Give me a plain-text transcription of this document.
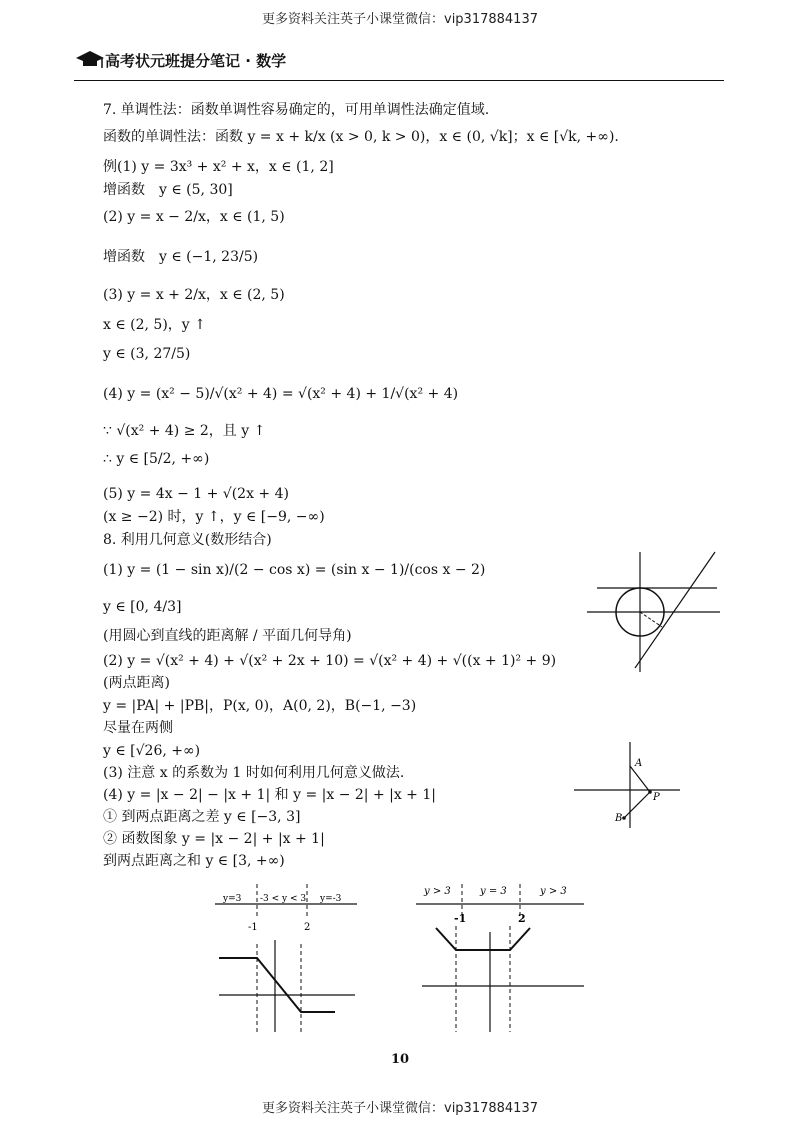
更多资料关注英子小课堂微信：vip317884137
高考状元班提分笔记 · 数学
7. 单调性法：函数单调性容易确定的，可用单调性法确定值域.
函数的单调性法：函数 y = x + k/x (x > 0, k > 0)，x ∈ (0, √k]；x ∈ [√k, +∞).
例(1) y = 3x³ + x² + x，x ∈ (1, 2]
增函数　y ∈ (5, 30]
(2) y = x − 2/x，x ∈ (1, 5)
增函数　y ∈ (−1, 23/5)
(3) y = x + 2/x，x ∈ (2, 5)
x ∈ (2, 5)，y ↑
y ∈ (3, 27/5)
(4) y = (x² − 5)/√(x² + 4) = √(x² + 4) + 1/√(x² + 4)
∵ √(x² + 4) ≥ 2，且 y ↑
∴ y ∈ [5/2, +∞)
(5) y = 4x − 1 + √(2x + 4)
(x ≥ −2) 时，y ↑，y ∈ [−9, −∞)
8. 利用几何意义(数形结合)
(1) y = (1 − sin x)/(2 − cos x) = (sin x − 1)/(cos x − 2)
y ∈ [0, 4/3]
(用圆心到直线的距离解 / 平面几何导角)
(2) y = √(x² + 4) + √(x² + 2x + 10) = √(x² + 4) + √((x + 1)² + 9)
(两点距离)
y = |PA| + |PB|，P(x, 0)，A(0, 2)，B(−1, −3)
尽量在两侧
y ∈ [√26, +∞)
(3) 注意 x 的系数为 1 时如何利用几何意义做法.
(4) y = |x − 2| − |x + 1| 和 y = |x − 2| + |x + 1|
① 到两点距离之差 y ∈ [−3, 3]
② 函数图象 y = |x − 2| + |x + 1|
到两点距离之和 y ∈ [3, +∞)
A
P
B
y=3 -3 < y < 3 y=-3
-1	2
y > 3	y = 3	y > 3
-1	2
10
更多资料关注英子小课堂微信：vip317884137
